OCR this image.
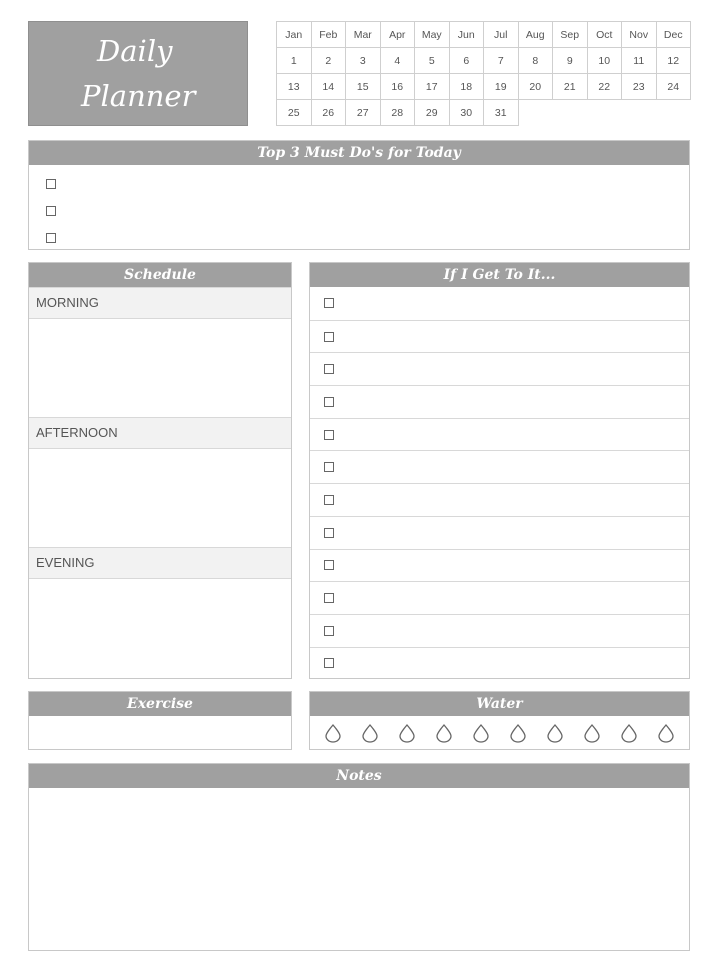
Daily
Planner
Jan	Feb	Mar	Apr	May	Jun	Jul	Aug	Sep	Oct	Nov	Dec
1	2	3	4	5	6	7	8	9	10	11	12
13	14	15	16	17	18	19	20	21	22	23	24
25	26	27	28	29	30	31					
Top 3 Must Do's for Today
Schedule
MORNING
AFTERNOON
EVENING
If I Get To It...
Exercise	Water
Notes
